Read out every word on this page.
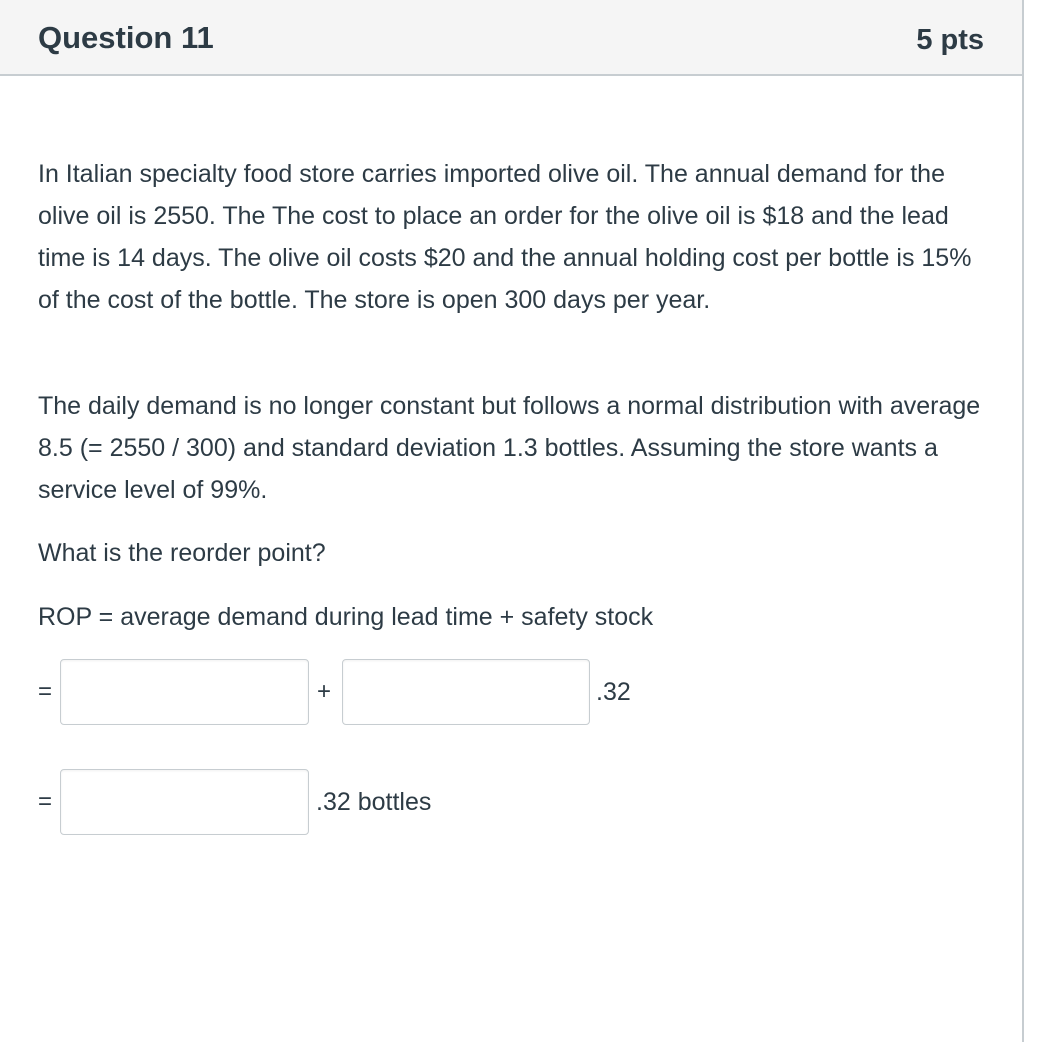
Question 11	5 pts

In Italian specialty food store carries imported olive oil. The annual demand for the olive oil is 2550. The The cost to place an order for the olive oil is $18 and the lead time is 14 days. The olive oil costs $20 and the annual holding cost per bottle is 15% of the cost of the bottle. The store is open 300 days per year.

The daily demand is no longer constant but follows a normal distribution with average 8.5 (= 2550 / 300) and standard deviation 1.3 bottles. Assuming the store wants a service level of 99%.

What is the reorder point?

ROP = average demand during lead time + safety stock

=	+	.32
=	.32 bottles
